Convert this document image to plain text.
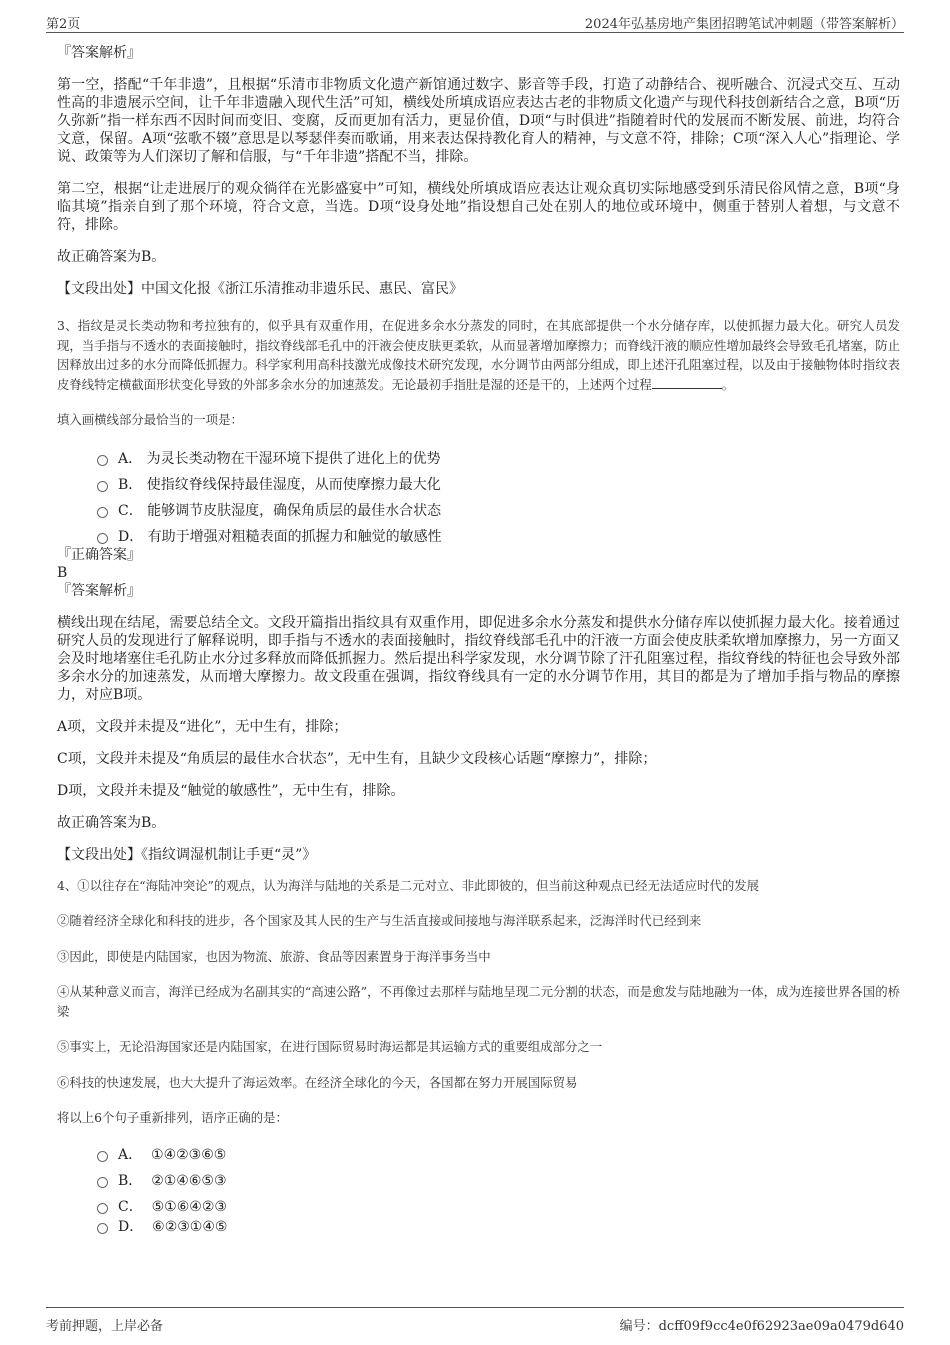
第2页	2024年弘基房地产集团招聘笔试冲刺题（带答案解析）

『答案解析』

第一空，搭配“千年非遗”，且根据“乐清市非物质文化遗产新馆通过数字、影音等手段，打造了动静结合、视听融合、沉浸式交互、互动性高的非遗展示空间，让千年非遗融入现代生活”可知，横线处所填成语应表达古老的非物质文化遗产与现代科技创新结合之意，B项“历久弥新”指一样东西不因时间而变旧、变腐，反而更加有活力，更显价值，D项“与时俱进”指随着时代的发展而不断发展、前进，均符合文意，保留。A项“弦歌不辍”意思是以琴瑟伴奏而歌诵，用来表达保持教化育人的精神，与文意不符，排除；C项“深入人心”指理论、学说、政策等为人们深切了解和信服，与“千年非遗”搭配不当，排除。

第二空，根据“让走进展厅的观众徜徉在光影盛宴中”可知，横线处所填成语应表达让观众真切实际地感受到乐清民俗风情之意，B项“身临其境”指亲自到了那个环境，符合文意，当选。D项“设身处地”指设想自己处在别人的地位或环境中，侧重于替别人着想，与文意不符，排除。

故正确答案为B。

【文段出处】中国文化报《浙江乐清推动非遗乐民、惠民、富民》

3、指纹是灵长类动物和考拉独有的，似乎具有双重作用，在促进多余水分蒸发的同时，在其底部提供一个水分储存库，以使抓握力最大化。研究人员发现，当手指与不透水的表面接触时，指纹脊线部毛孔中的汗液会使皮肤更柔软，从而显著增加摩擦力；而脊线汗液的顺应性增加最终会导致毛孔堵塞，防止因释放出过多的水分而降低抓握力。科学家利用高科技激光成像技术研究发现，水分调节由两部分组成，即上述汗孔阻塞过程，以及由于接触物体时指纹表皮脊线特定横截面形状变化导致的外部多余水分的加速蒸发。无论最初手指肚是湿的还是干的，上述两个过程	。

填入画横线部分最恰当的一项是：

A．
为灵长类动物在干湿环境下提供了进化上的优势
B．
使指纹脊线保持最佳湿度，从而使摩擦力最大化
C．
能够调节皮肤湿度，确保角质层的最佳水合状态
D．
有助于增强对粗糙表面的抓握力和触觉的敏感性

『正确答案』

B

『答案解析』

横线出现在结尾，需要总结全文。文段开篇指出指纹具有双重作用，即促进多余水分蒸发和提供水分储存库以使抓握力最大化。接着通过研究人员的发现进行了解释说明，即手指与不透水的表面接触时，指纹脊线部毛孔中的汗液一方面会使皮肤柔软增加摩擦力，另一方面又会及时地堵塞住毛孔防止水分过多释放而降低抓握力。然后提出科学家发现，水分调节除了汗孔阻塞过程，指纹脊线的特征也会导致外部多余水分的加速蒸发，从而增大摩擦力。故文段重在强调，指纹脊线具有一定的水分调节作用，其目的都是为了增加手指与物品的摩擦力，对应B项。

A项，文段并未提及“进化”，无中生有，排除；

C项，文段并未提及“角质层的最佳水合状态”，无中生有，且缺少文段核心话题“摩擦力”，排除；

D项，文段并未提及“触觉的敏感性”，无中生有，排除。

故正确答案为B。

【文段出处】《指纹调湿机制让手更“灵”》

4、①以往存在“海陆冲突论”的观点，认为海洋与陆地的关系是二元对立、非此即彼的，但当前这种观点已经无法适应时代的发展

②随着经济全球化和科技的进步，各个国家及其人民的生产与生活直接或间接地与海洋联系起来，泛海洋时代已经到来

③因此，即使是内陆国家，也因为物流、旅游、食品等因素置身于海洋事务当中

④从某种意义而言，海洋已经成为名副其实的“高速公路”，不再像过去那样与陆地呈现二元分割的状态，而是愈发与陆地融为一体，成为连接世界各国的桥梁

⑤事实上，无论沿海国家还是内陆国家，在进行国际贸易时海运都是其运输方式的重要组成部分之一

⑥科技的快速发展，也大大提升了海运效率。在经济全球化的今天，各国都在努力开展国际贸易

将以上6个句子重新排列，语序正确的是：

A．
①④②③⑥⑤
B．
②①④⑥⑤③
C．
⑤①⑥④②③
D．
⑥②③①④⑤
考前押题，上岸必备	编号：dcff09f9cc4e0f62923ae09a0479d640
